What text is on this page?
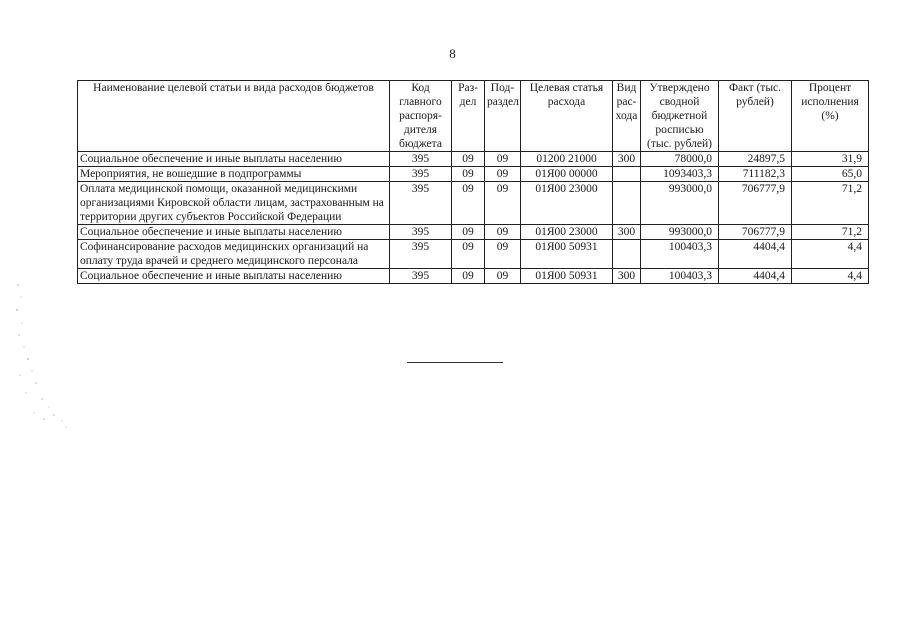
8
Наименование целевой статьи и вида расходов бюджетов	Код главного распоря-дителя бюджета	Раз-дел	Под-раздел	Целевая статья расхода	Вид рас-хода	Утверждено сводной бюджетной росписью (тыс. рублей)	Факт (тыс. рублей)	Процент исполнения (%)
Социальное обеспечение и иные выплаты населению	395	09	09	01200 21000	300	78000,0	24897,5	31,9
Мероприятия, не вошедшие в подпрограммы	395	09	09	01Я00 00000		1093403,3	711182,3	65,0
Оплата медицинской помощи, оказанной медицинскими организациями Кировской области лицам, застрахованным на территории других субъектов Российской Федерации	395	09	09	01Я00 23000		993000,0	706777,9	71,2
Социальное обеспечение и иные выплаты населению	395	09	09	01Я00 23000	300	993000,0	706777,9	71,2
Софинансирование расходов медицинских организаций на оплату труда врачей и среднего медицинского персонала	395	09	09	01Я00 50931		100403,3	4404,4	4,4
Социальное обеспечение и иные выплаты населению	395	09	09	01Я00 50931	300	100403,3	4404,4	4,4
